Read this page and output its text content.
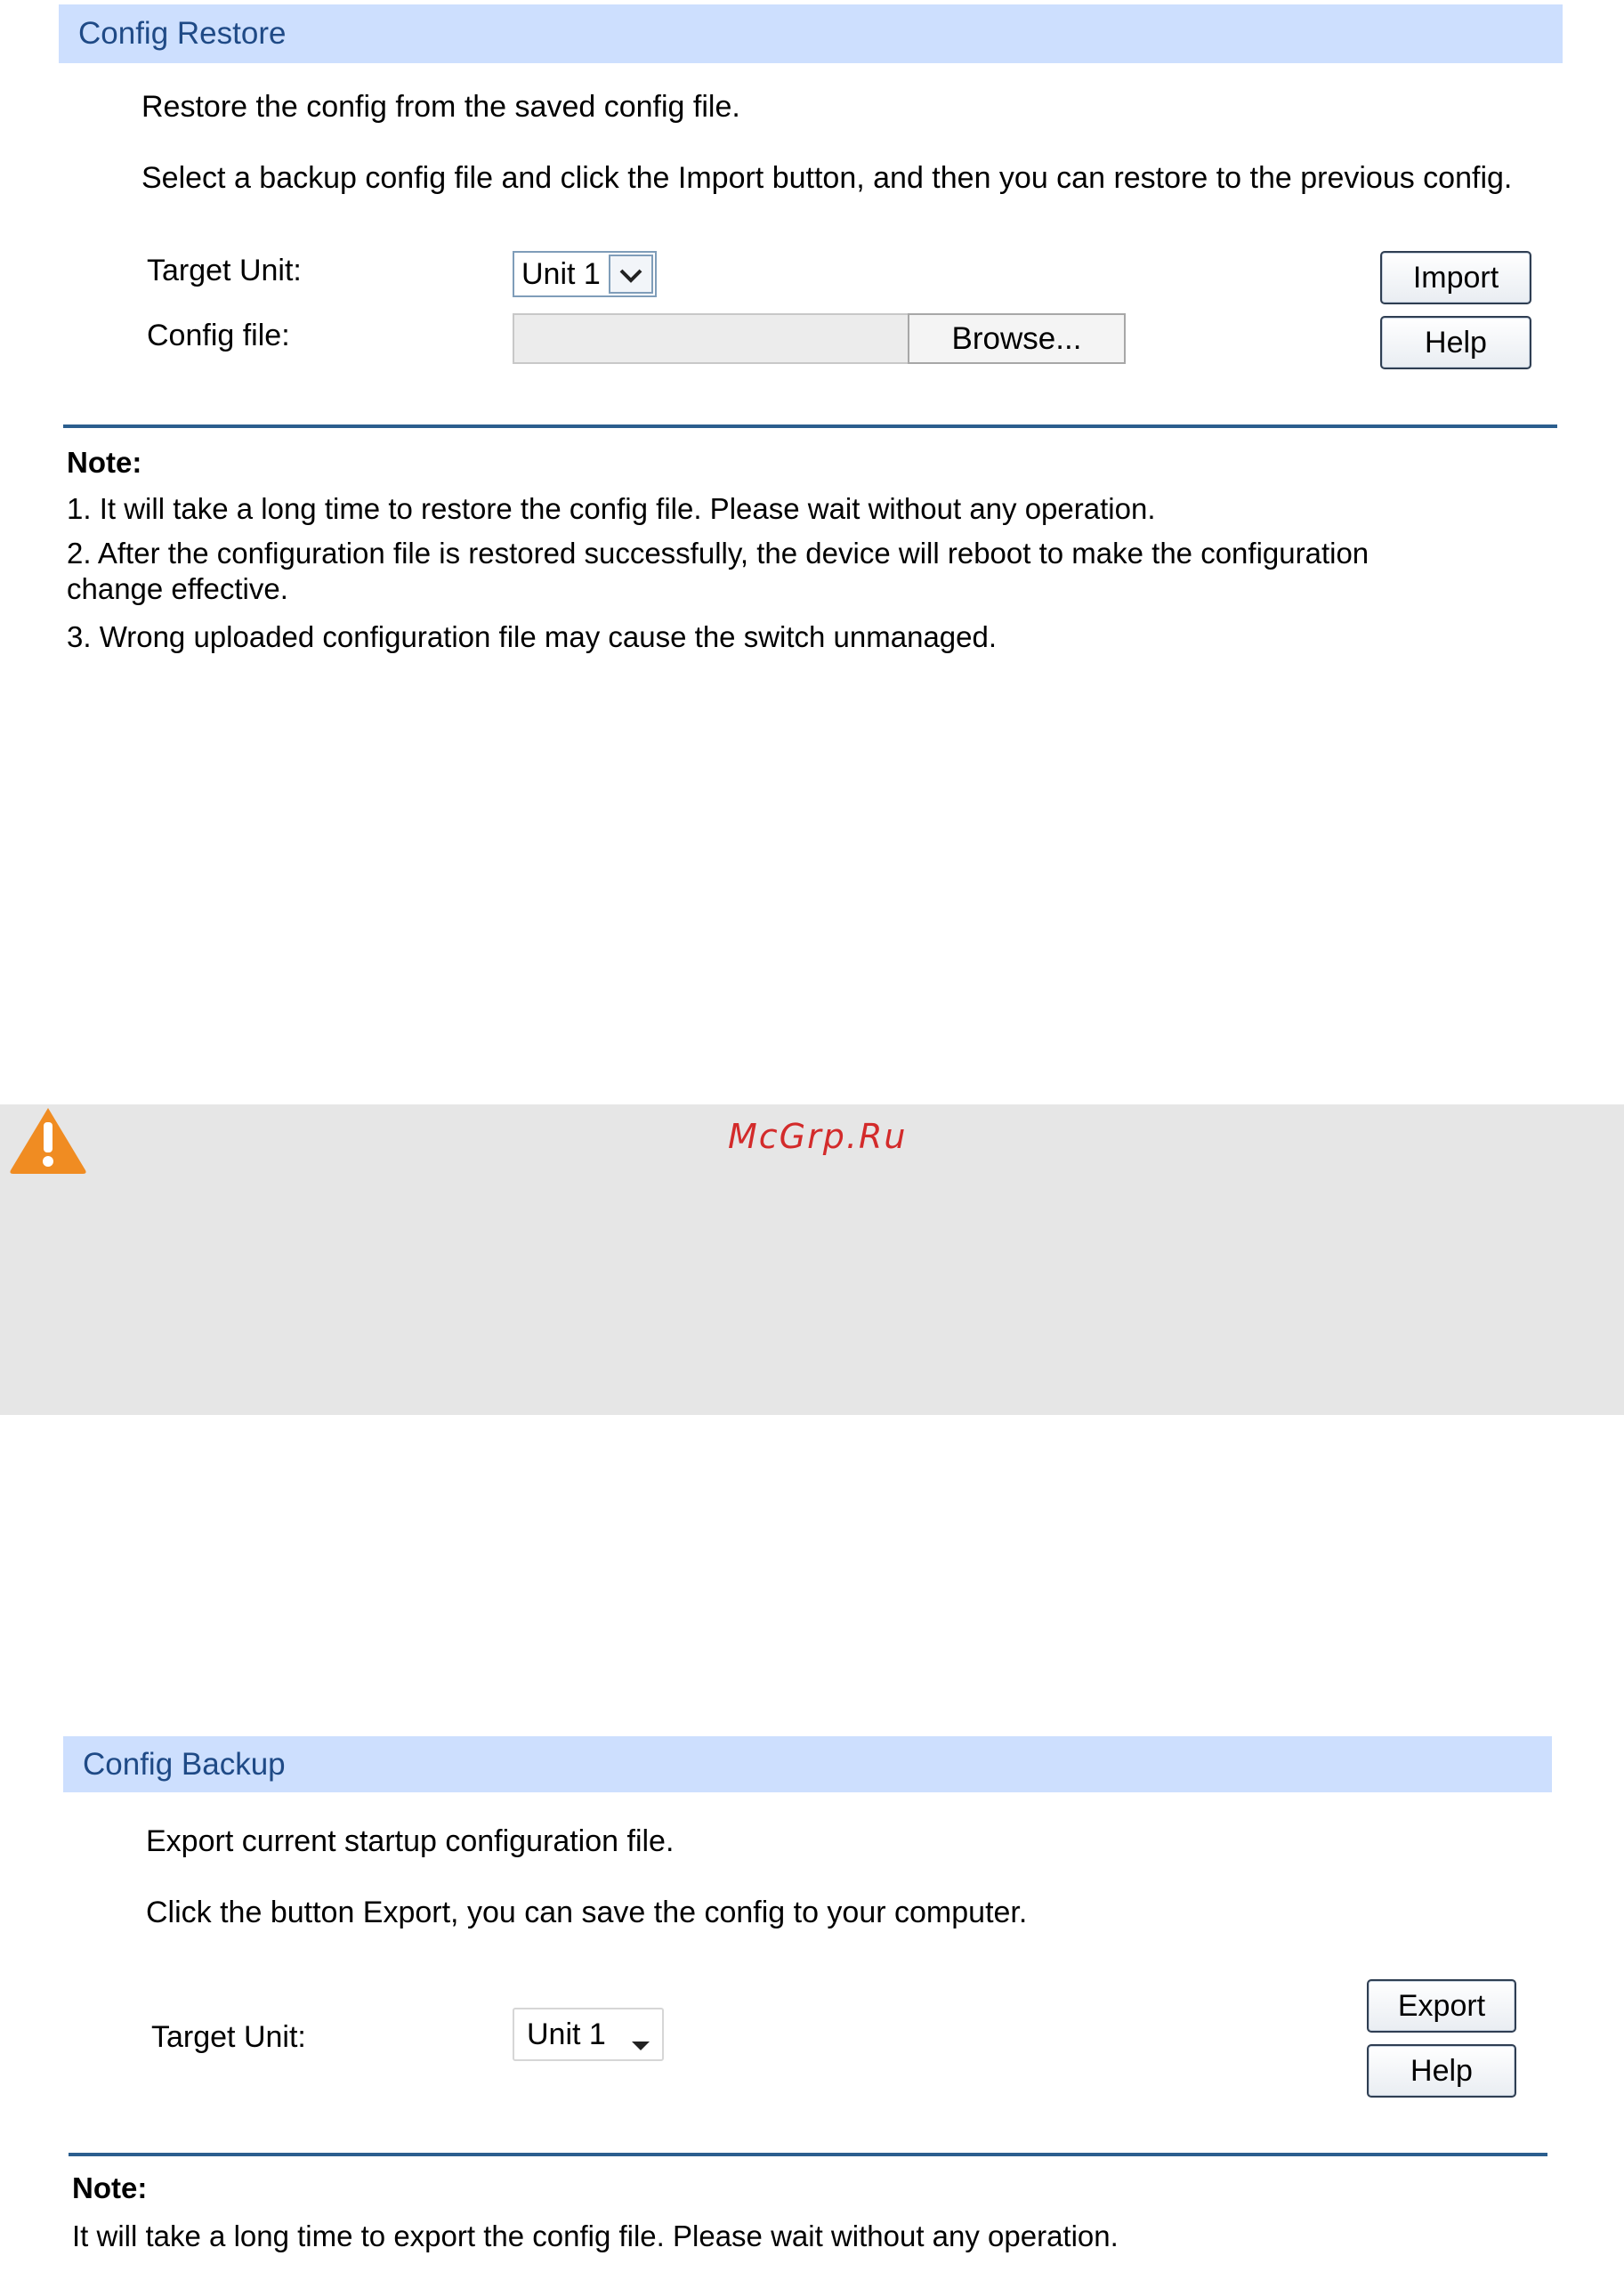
Config Restore
Restore the config from the saved config file.
Select a backup config file and click the Import button, and then you can restore to the previous config.
Target Unit:	Unit 1
Config file:	Browse...
Import
Help
Note:
1. It will take a long time to restore the config file. Please wait without any operation.
2. After the configuration file is restored successfully, the device will reboot to make the configuration
change effective.
3. Wrong uploaded configuration file may cause the switch unmanaged.
McGrp.Ru
Config Backup
Export current startup configuration file.
Click the button Export, you can save the config to your computer.
Target Unit:	Unit 1
Export
Help
Note:
It will take a long time to export the config file. Please wait without any operation.
